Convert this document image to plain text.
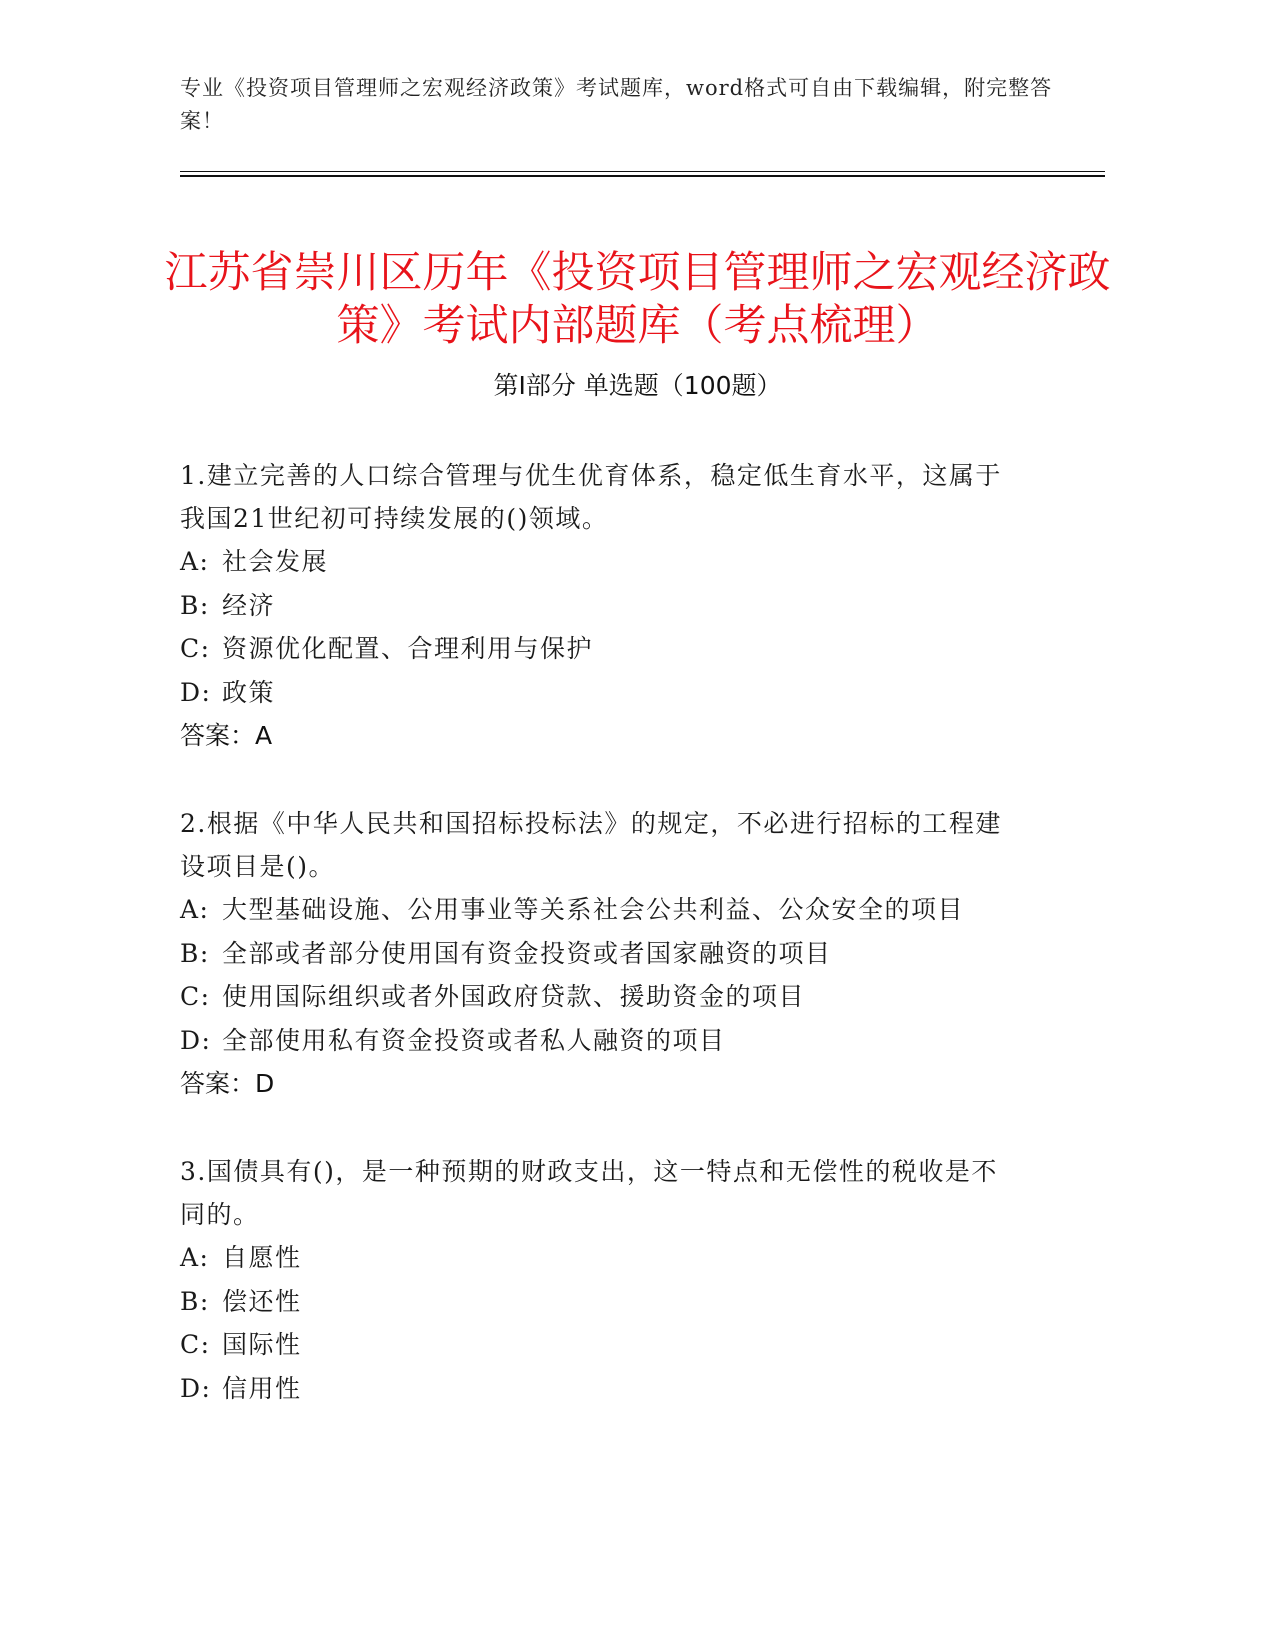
专业《投资项目管理师之宏观经济政策》考试题库，word格式可自由下载编辑，附完整答案！
江苏省崇川区历年《投资项目管理师之宏观经济政策》考试内部题库（考点梳理）
第I部分 单选题（100题）

1.建立完善的人口综合管理与优生优育体系，稳定低生育水平，这属于我国21世纪初可持续发展的()领域。

A: 社会发展

B: 经济

C: 资源优化配置、合理利用与保护

D: 政策

答案：A

2.根据《中华人民共和国招标投标法》的规定，不必进行招标的工程建设项目是()。

A: 大型基础设施、公用事业等关系社会公共利益、公众安全的项目

B: 全部或者部分使用国有资金投资或者国家融资的项目

C: 使用国际组织或者外国政府贷款、援助资金的项目

D: 全部使用私有资金投资或者私人融资的项目

答案：D

3.国债具有()，是一种预期的财政支出，这一特点和无偿性的税收是不同的。

A: 自愿性

B: 偿还性

C: 国际性

D: 信用性
